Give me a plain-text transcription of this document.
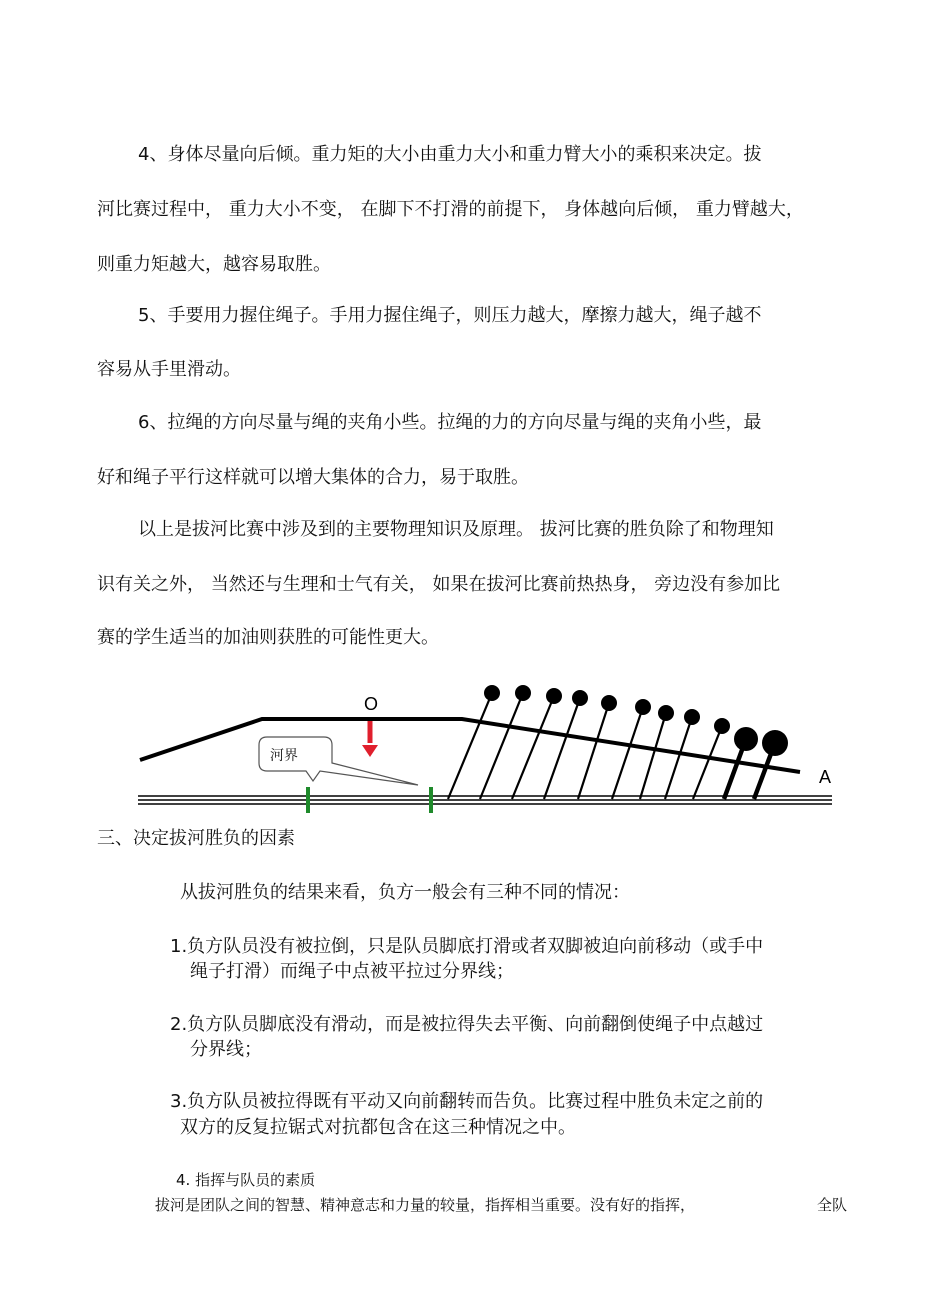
4、身体尽量向后倾。重力矩的大小由重力大小和重力臂大小的乘积来决定。拔
河比赛过程中， 重力大小不变， 在脚下不打滑的前提下， 身体越向后倾， 重力臂越大，
则重力矩越大，越容易取胜。
5、手要用力握住绳子。手用力握住绳子，则压力越大，摩擦力越大，绳子越不
容易从手里滑动。
6、拉绳的方向尽量与绳的夹角小些。拉绳的力的方向尽量与绳的夹角小些，最
好和绳子平行这样就可以增大集体的合力，易于取胜。
以上是拔河比赛中涉及到的主要物理知识及原理。 拔河比赛的胜负除了和物理知
识有关之外， 当然还与生理和士气有关， 如果在拔河比赛前热热身， 旁边没有参加比
赛的学生适当的加油则获胜的可能性更大。
O
河界
A
三、决定拔河胜负的因素
从拔河胜负的结果来看，负方一般会有三种不同的情况：
1.负方队员没有被拉倒，只是队员脚底打滑或者双脚被迫向前移动（或手中
绳子打滑）而绳子中点被平拉过分界线；
2.负方队员脚底没有滑动，而是被拉得失去平衡、向前翻倒使绳子中点越过
分界线；
3.负方队员被拉得既有平动又向前翻转而告负。比赛过程中胜负未定之前的
双方的反复拉锯式对抗都包含在这三种情况之中。
4. 指挥与队员的素质
拔河是团队之间的智慧、精神意志和力量的较量，指挥相当重要。没有好的指挥，	全队
